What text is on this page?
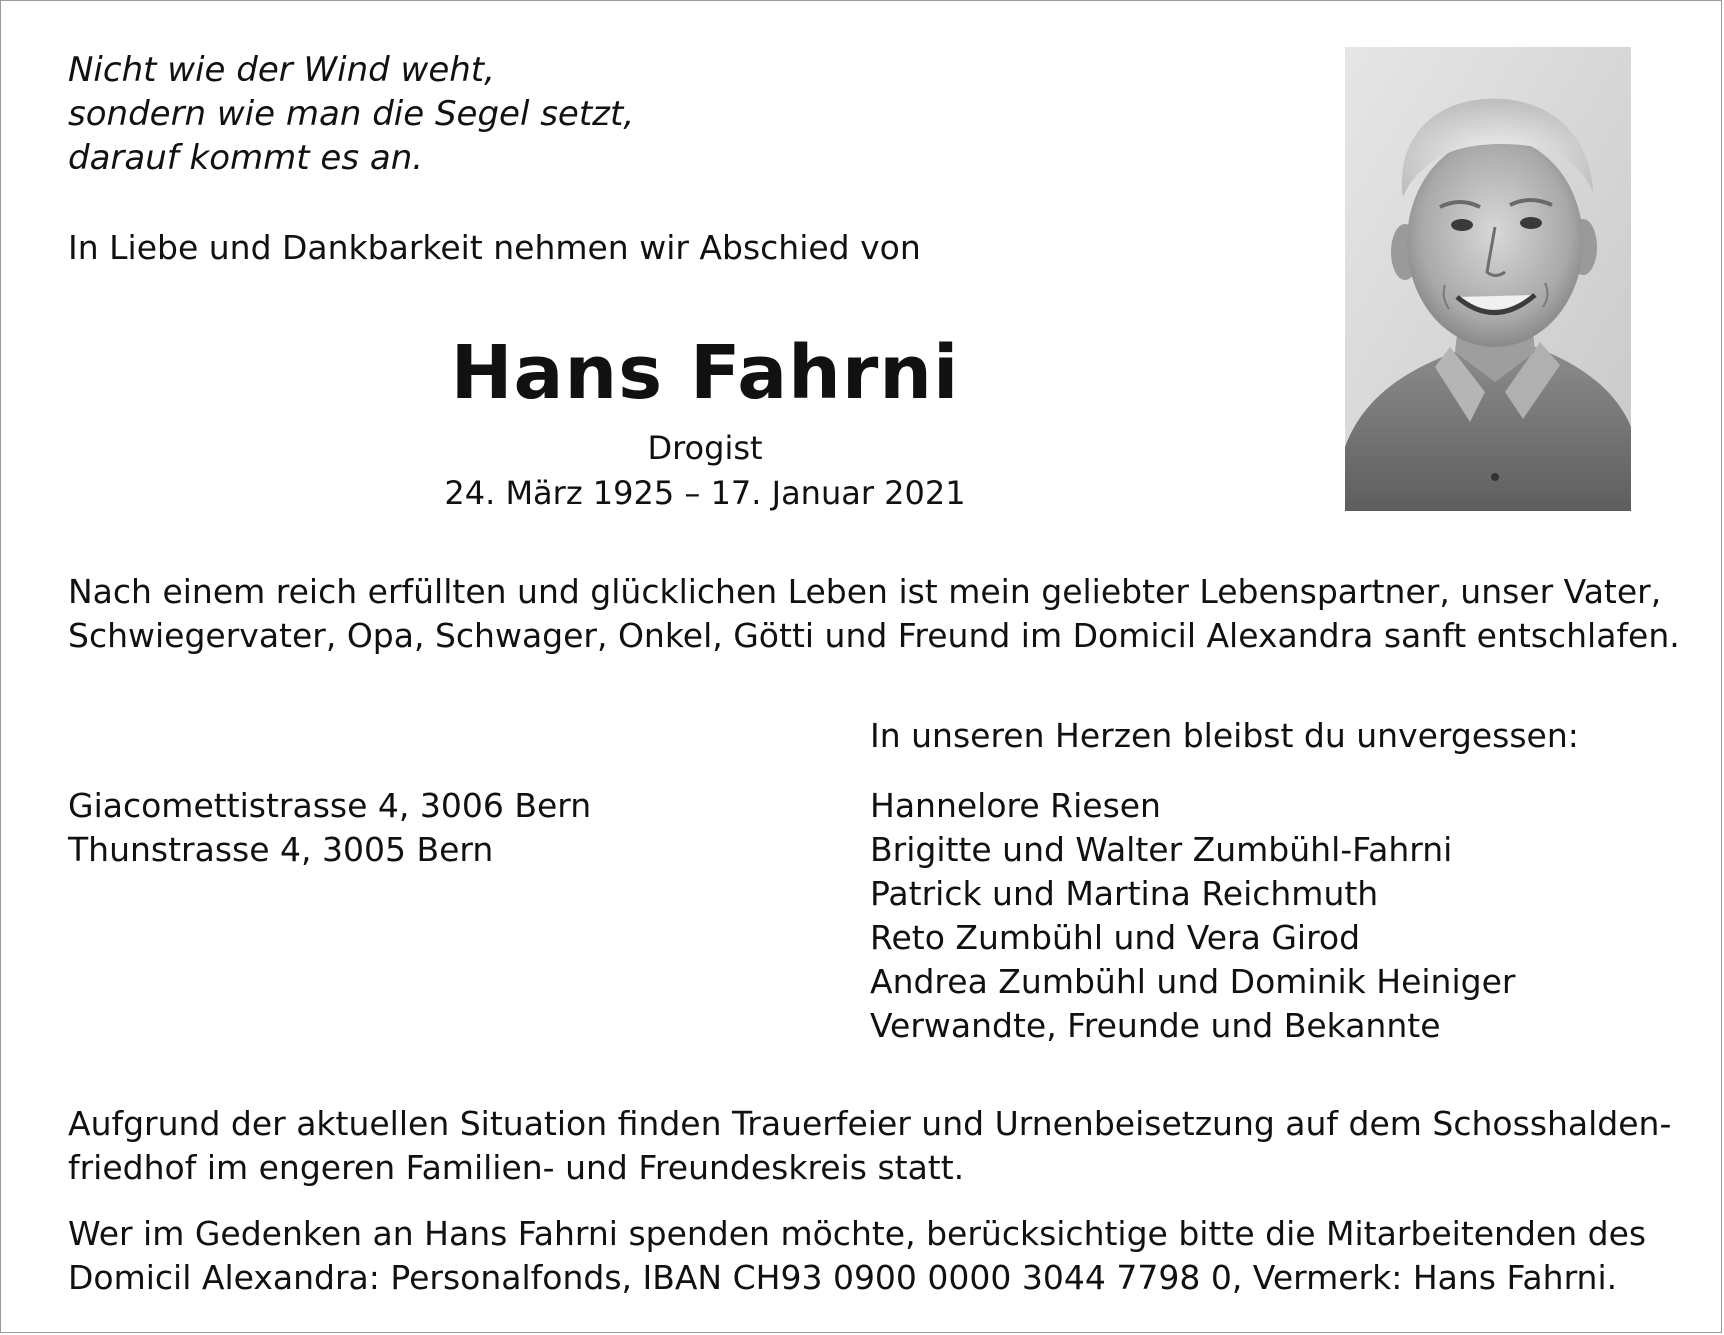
Nicht wie der Wind weht,
sondern wie man die Segel setzt,
darauf kommt es an.
In Liebe und Dankbarkeit nehmen wir Abschied von
Hans Fahrni
Drogist
24. März 1925 – 17. Januar 2021
Nach einem reich erfüllten und glücklichen Leben ist mein geliebter Lebenspartner, unser Vater,
Schwiegervater, Opa, Schwager, Onkel, Götti und Freund im Domicil Alexandra sanft entschlafen.
In unseren Herzen bleibst du unvergessen:
Giacomettistrasse 4, 3006 Bern
Thunstrasse 4, 3005 Bern
Hannelore Riesen
Brigitte und Walter Zumbühl-Fahrni
Patrick und Martina Reichmuth
Reto Zumbühl und Vera Girod
Andrea Zumbühl und Dominik Heiniger
Verwandte, Freunde und Bekannte
Aufgrund der aktuellen Situation finden Trauerfeier und Urnenbeisetzung auf dem Schosshalden-
friedhof im engeren Familien- und Freundeskreis statt.
Wer im Gedenken an Hans Fahrni spenden möchte, berücksichtige bitte die Mitarbeitenden des
Domicil Alexandra: Personalfonds, IBAN CH93 0900 0000 3044 7798 0, Vermerk: Hans Fahrni.
